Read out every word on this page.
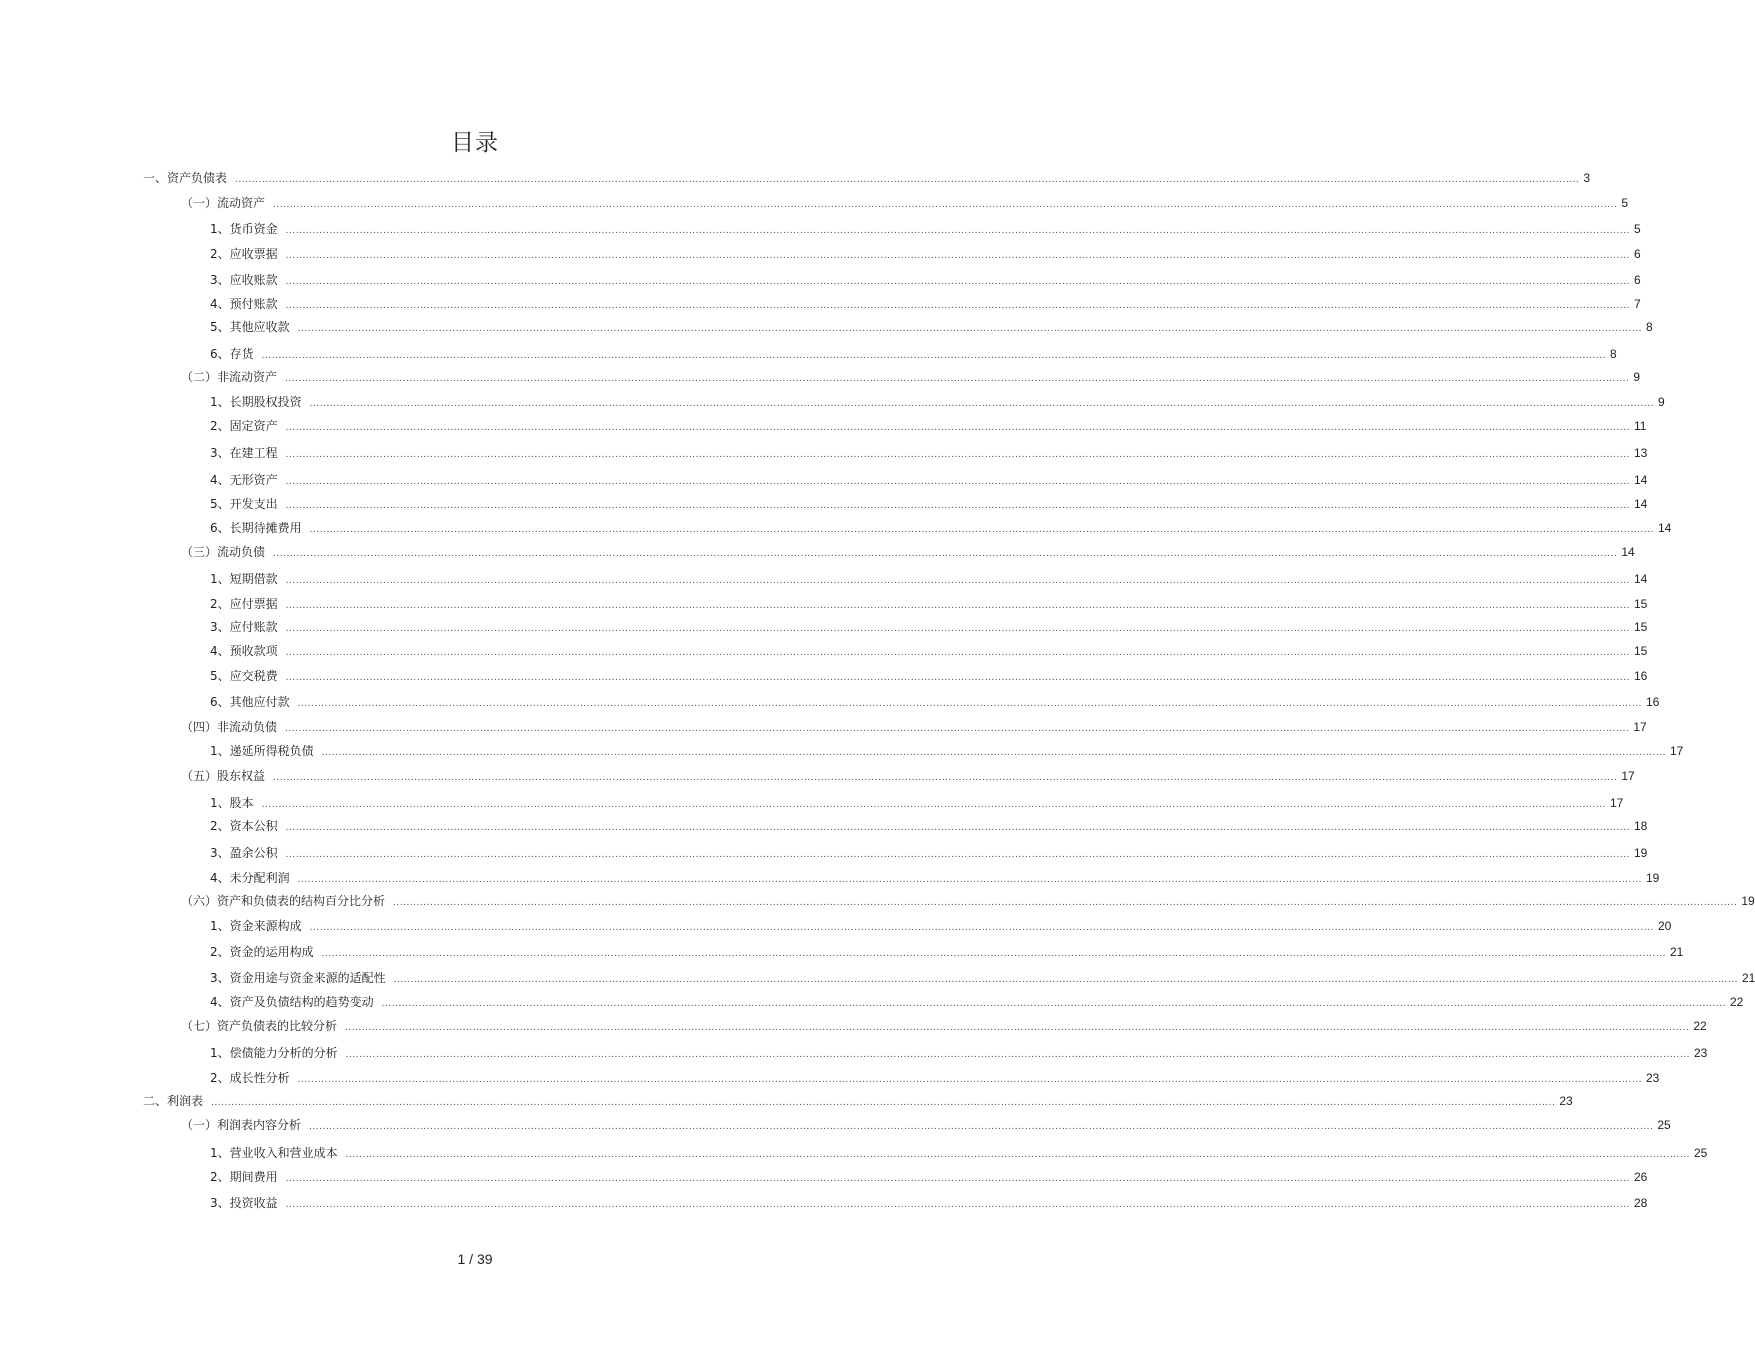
目录
一、资产负债表 ................................................................................................................................................................................................................................................................................................................................................................................................................ 3
（一）流动资产 ................................................................................................................................................................................................................................................................................................................................................................................................................ 5
1、货币资金 ................................................................................................................................................................................................................................................................................................................................................................................................................ 5
2、应收票据 ................................................................................................................................................................................................................................................................................................................................................................................................................ 6
3、应收账款 ................................................................................................................................................................................................................................................................................................................................................................................................................ 6
4、预付账款 ................................................................................................................................................................................................................................................................................................................................................................................................................ 7
5、其他应收款 ................................................................................................................................................................................................................................................................................................................................................................................................................ 8
6、存货 ................................................................................................................................................................................................................................................................................................................................................................................................................ 8
（二）非流动资产 ................................................................................................................................................................................................................................................................................................................................................................................................................ 9
1、长期股权投资 ................................................................................................................................................................................................................................................................................................................................................................................................................ 9
2、固定资产 ................................................................................................................................................................................................................................................................................................................................................................................................................ 11
3、在建工程 ................................................................................................................................................................................................................................................................................................................................................................................................................ 13
4、无形资产 ................................................................................................................................................................................................................................................................................................................................................................................................................ 14
5、开发支出 ................................................................................................................................................................................................................................................................................................................................................................................................................ 14
6、长期待摊费用 ................................................................................................................................................................................................................................................................................................................................................................................................................ 14
（三）流动负债 ................................................................................................................................................................................................................................................................................................................................................................................................................ 14
1、短期借款 ................................................................................................................................................................................................................................................................................................................................................................................................................ 14
2、应付票据 ................................................................................................................................................................................................................................................................................................................................................................................................................ 15
3、应付账款 ................................................................................................................................................................................................................................................................................................................................................................................................................ 15
4、预收款项 ................................................................................................................................................................................................................................................................................................................................................................................................................ 15
5、应交税费 ................................................................................................................................................................................................................................................................................................................................................................................................................ 16
6、其他应付款 ................................................................................................................................................................................................................................................................................................................................................................................................................ 16
（四）非流动负债 ................................................................................................................................................................................................................................................................................................................................................................................................................ 17
1、递延所得税负债 ................................................................................................................................................................................................................................................................................................................................................................................................................ 17
（五）股东权益 ................................................................................................................................................................................................................................................................................................................................................................................................................ 17
1、股本 ................................................................................................................................................................................................................................................................................................................................................................................................................ 17
2、资本公积 ................................................................................................................................................................................................................................................................................................................................................................................................................ 18
3、盈余公积 ................................................................................................................................................................................................................................................................................................................................................................................................................ 19
4、未分配利润 ................................................................................................................................................................................................................................................................................................................................................................................................................ 19
（六）资产和负债表的结构百分比分析 ................................................................................................................................................................................................................................................................................................................................................................................................................ 19
1、资金来源构成 ................................................................................................................................................................................................................................................................................................................................................................................................................ 20
2、资金的运用构成 ................................................................................................................................................................................................................................................................................................................................................................................................................ 21
3、资金用途与资金来源的适配性 ................................................................................................................................................................................................................................................................................................................................................................................................................ 21
4、资产及负债结构的趋势变动 ................................................................................................................................................................................................................................................................................................................................................................................................................ 22
（七）资产负债表的比较分析 ................................................................................................................................................................................................................................................................................................................................................................................................................ 22
1、偿债能力分析的分析 ................................................................................................................................................................................................................................................................................................................................................................................................................ 23
2、成长性分析 ................................................................................................................................................................................................................................................................................................................................................................................................................ 23
二、利润表 ................................................................................................................................................................................................................................................................................................................................................................................................................ 23
（一）利润表内容分析 ................................................................................................................................................................................................................................................................................................................................................................................................................ 25
1、营业收入和营业成本 ................................................................................................................................................................................................................................................................................................................................................................................................................ 25
2、期间费用 ................................................................................................................................................................................................................................................................................................................................................................................................................ 26
3、投资收益 ................................................................................................................................................................................................................................................................................................................................................................................................................ 28
1 / 39
